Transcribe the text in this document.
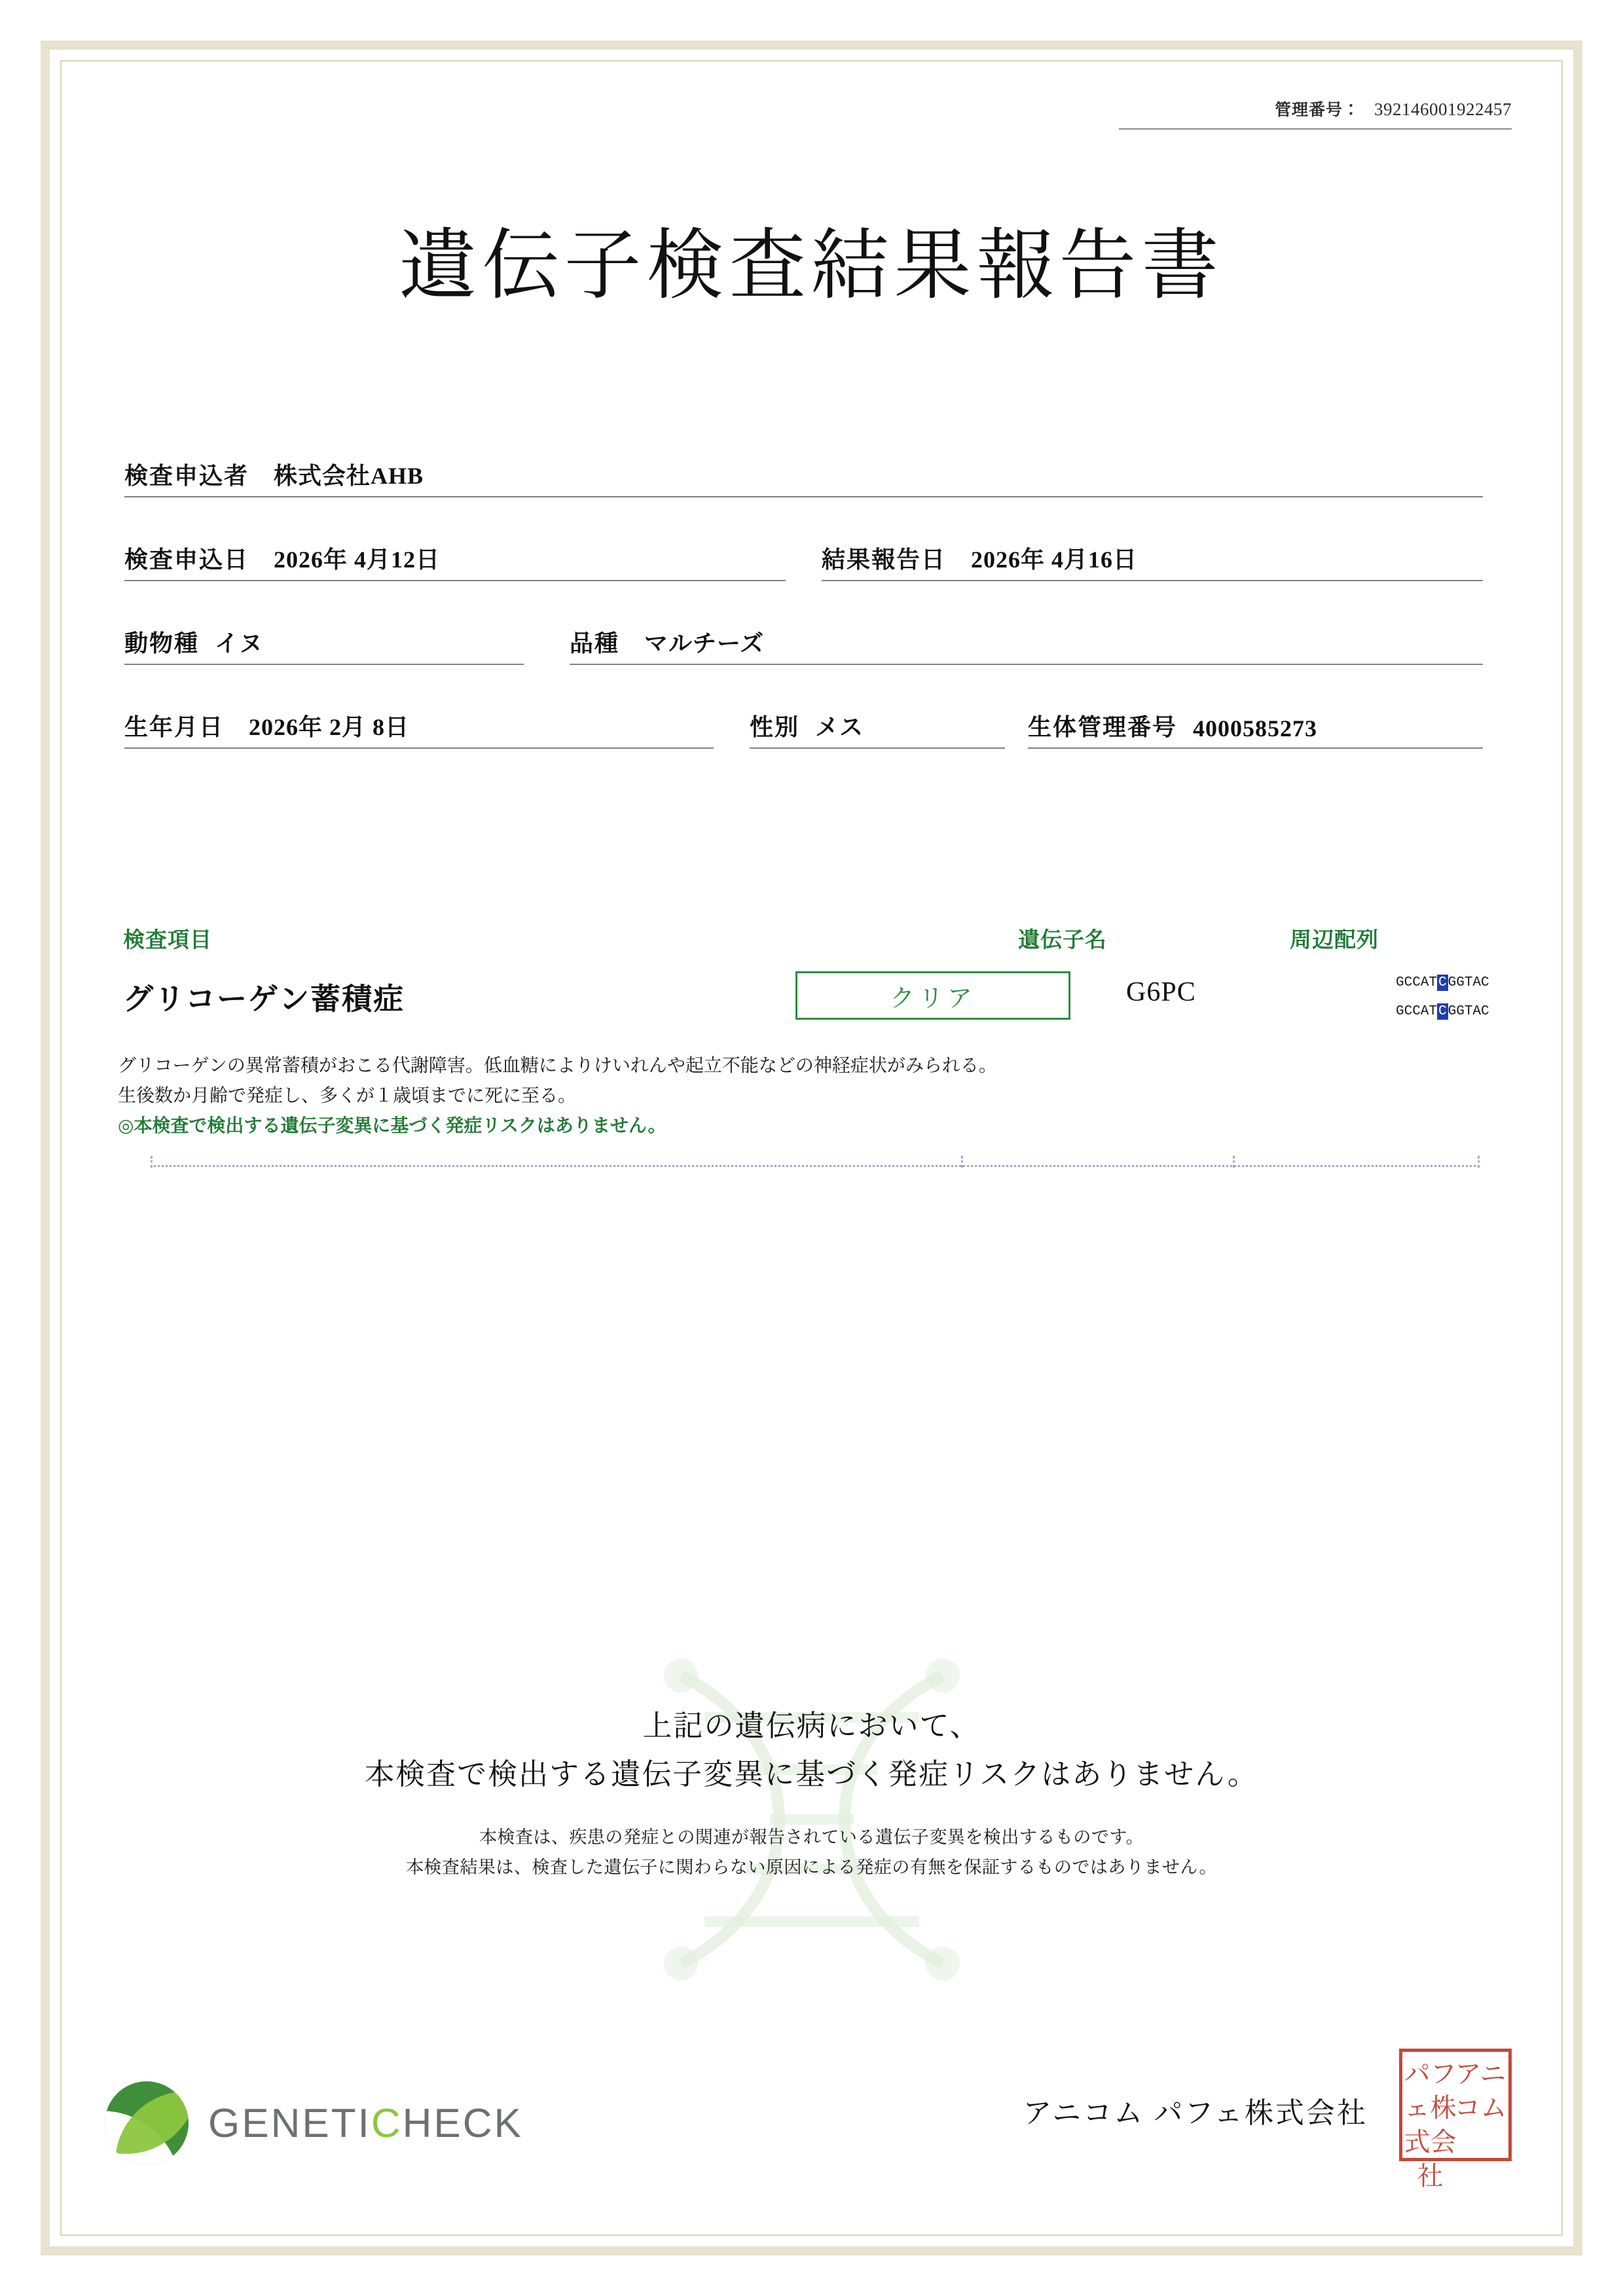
管理番号： 392146001922457
遺伝子検査結果報告書
検査申込者 株式会社AHB
検査申込日 2026年 4月12日	結果報告日 2026年 4月16日
動物種 イヌ	品種 マルチーズ
生年月日 2026年 2月 8日	性別 メス	生体管理番号 4000585273
検査項目	遺伝子名	周辺配列
グリコーゲン蓄積症	クリア	G6PC	GCCATCGGTAC
GCCATCGGTAC
グリコーゲンの異常蓄積がおこる代謝障害。低血糖によりけいれんや起立不能などの神経症状がみられる。
生後数か月齢で発症し、多くが１歳頃までに死に至る。
◎本検査で検出する遺伝子変異に基づく発症リスクはありません。
上記の遺伝病において、
本検査で検出する遺伝子変異に基づく発症リスクはありません。
本検査は、疾患の発症との関連が報告されている遺伝子変異を検出するものです。
本検査結果は、検査した遺伝子に関わらない原因による発症の有無を保証するものではありません。
GENETICHECK	アニコム パフェ株式会社
アニコム
パフェ株式会社
